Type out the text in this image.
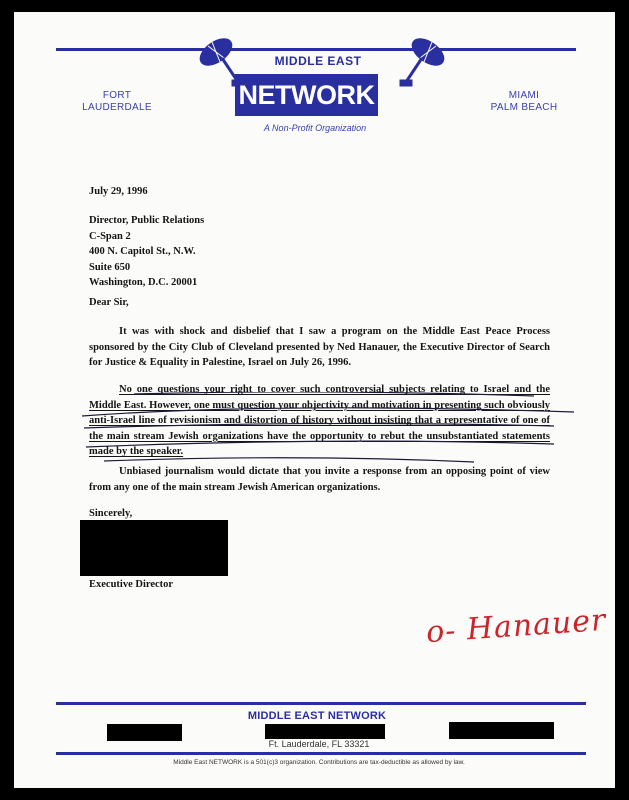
FORT
LAUDERDALE
MIAMI
PALM BEACH
MIDDLE EAST
NETWORK
A Non-Profit Organization
July 29, 1996
Director, Public Relations
C-Span 2
400 N. Capitol St., N.W.
Suite 650
Washington, D.C. 20001
Dear Sir,
It was with shock and disbelief that I saw a program on the Middle East Peace Process sponsored by the City Club of Cleveland presented by Ned Hanauer, the Executive Director of Search for Justice & Equality in Palestine, Israel on July 26, 1996.
No one questions your right to cover such controversial subjects relating to Israel and the Middle East. However, one must question your objectivity and motivation in presenting such obviously anti-Israel line of revisionism and distortion of history without insisting that a representative of one of the main stream Jewish organizations have the opportunity to rebut the unsubstantiated statements made by the speaker.
Unbiased journalism would dictate that you invite a response from an opposing point of view from any one of the main stream Jewish American organizations.
Sincerely,
Executive Director
o- Hanauer
MIDDLE EAST NETWORK
Ft. Lauderdale, FL 33321
Middle East NETWORK is a 501(c)3 organization. Contributions are tax-deductible as allowed by law.
